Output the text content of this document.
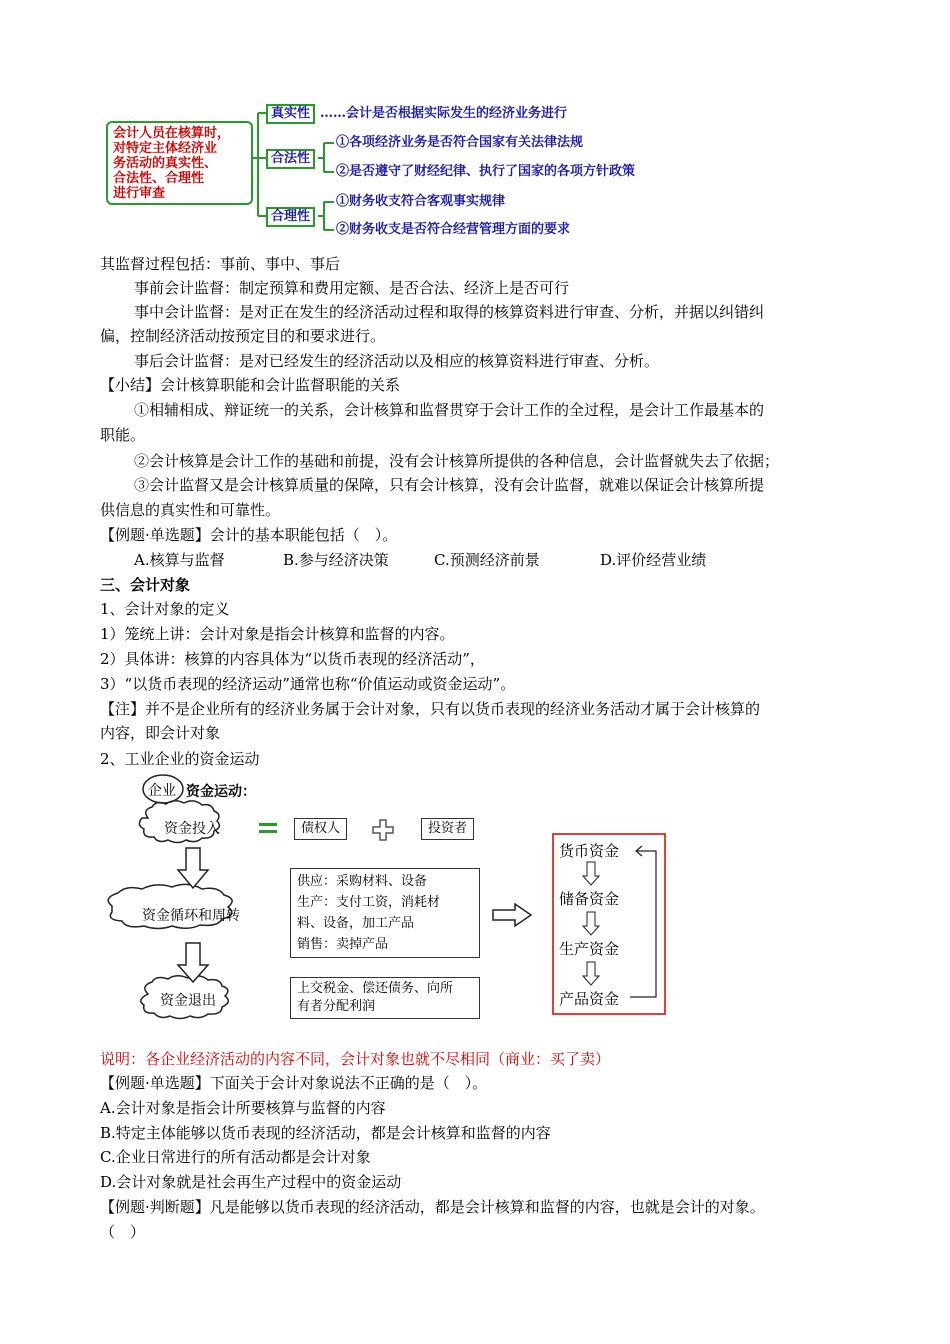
会计人员在核算时，
对特定主体经济业
务活动的真实性、
合法性、合理性
进行审查
真实性 ……会计是否根据实际发生的经济业务进行
合法性
①各项经济业务是否符合国家有关法律法规
②是否遵守了财经纪律、执行了国家的各项方针政策
合理性
①财务收支符合客观事实规律
②财务收支是否符合经营管理方面的要求
其监督过程包括：事前、事中、事后
事前会计监督：制定预算和费用定额、是否合法、经济上是否可行
事中会计监督：是对正在发生的经济活动过程和取得的核算资料进行审查、分析，并据以纠错纠
偏，控制经济活动按预定目的和要求进行。
事后会计监督：是对已经发生的经济活动以及相应的核算资料进行审查、分析。
【小结】会计核算职能和会计监督职能的关系
①相辅相成、辩证统一的关系，会计核算和监督贯穿于会计工作的全过程，是会计工作最基本的
职能。
②会计核算是会计工作的基础和前提，没有会计核算所提供的各种信息，会计监督就失去了依据；
③会计监督又是会计核算质量的保障，只有会计核算，没有会计监督，就难以保证会计核算所提
供信息的真实性和可靠性。
【例题·单选题】会计的基本职能包括（　）。
A.核算与监督	B.参与经济决策	C.预测经济前景	D.评价经营业绩
三、会计对象
1、会计对象的定义
1）笼统上讲：会计对象是指会计核算和监督的内容。
2）具体讲：核算的内容具体为“以货币表现的经济活动”，
3）“以货币表现的经济运动”通常也称“价值运动或资金运动”。
【注】并不是企业所有的经济业务属于会计对象，只有以货币表现的经济业务活动才属于会计核算的
内容，即会计对象
2、工业企业的资金运动
企业 资金运动：
资金投入	债权人	投资者
资金循环和周转
供应：采购材料、设备
生产：支付工资，消耗材
料、设备，加工产品
销售：卖掉产品
资金退出
上交税金、偿还债务、向所
有者分配利润
货币资金
储备资金
生产资金
产品资金
说明：各企业经济活动的内容不同，会计对象也就不尽相同（商业：买了卖）
【例题·单选题】下面关于会计对象说法不正确的是（　）。
A.会计对象是指会计所要核算与监督的内容
B.特定主体能够以货币表现的经济活动，都是会计核算和监督的内容
C.企业日常进行的所有活动都是会计对象
D.会计对象就是社会再生产过程中的资金运动
【例题·判断题】凡是能够以货币表现的经济活动，都是会计核算和监督的内容，也就是会计的对象。
（　）
